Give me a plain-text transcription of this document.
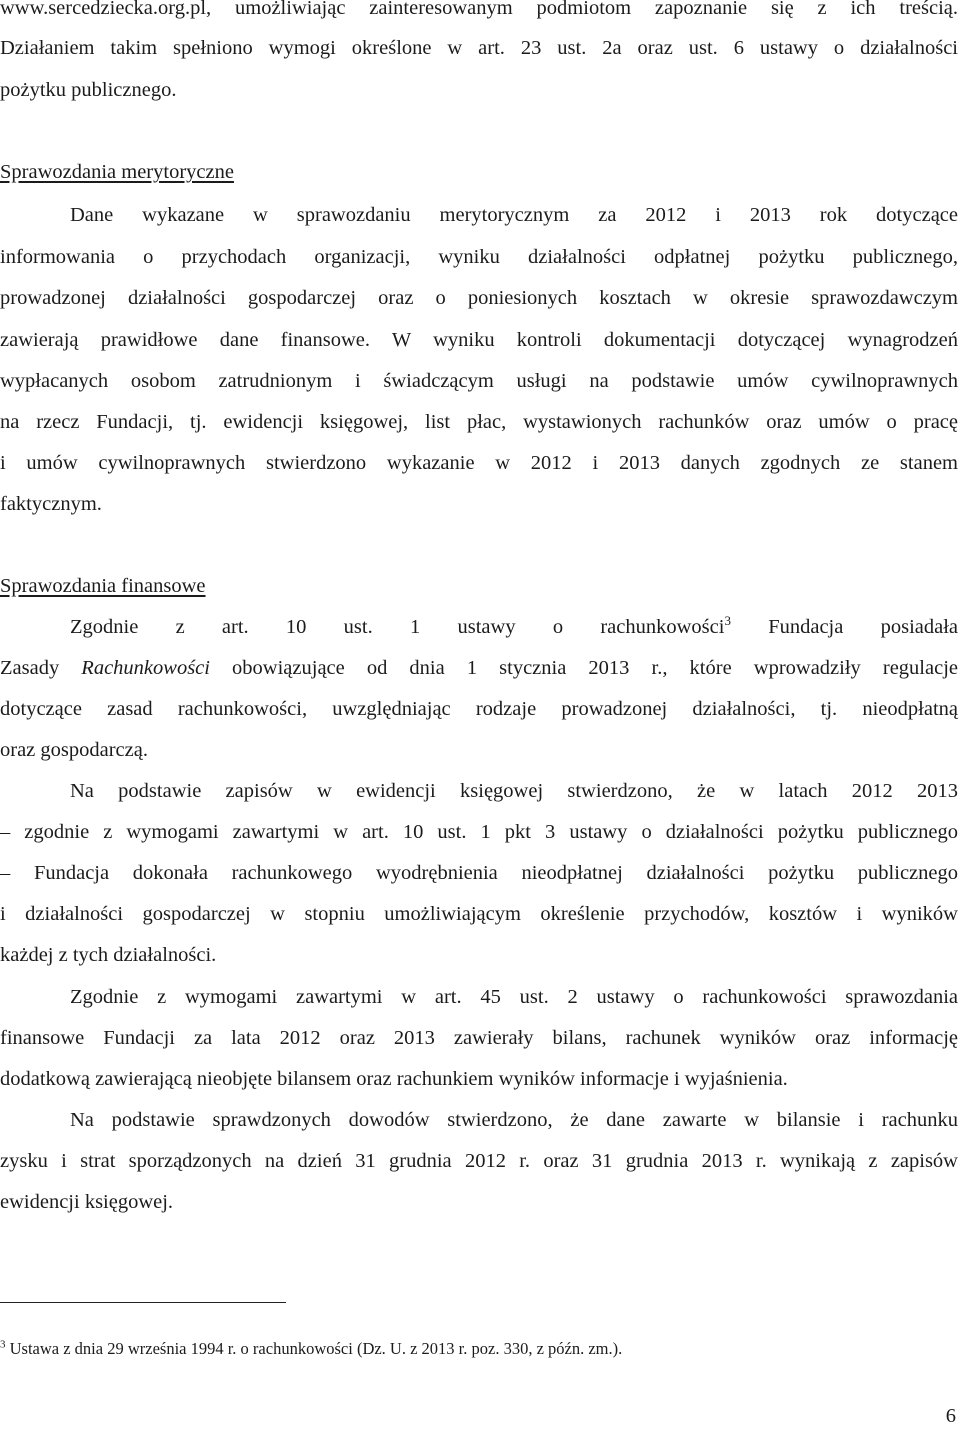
www.sercedziecka.org.pl, umożliwiając zainteresowanym podmiotom zapoznanie się z ich treścią.
Działaniem takim spełniono wymogi określone w art. 23 ust. 2a oraz ust. 6 ustawy o działalności
pożytku publicznego.
Sprawozdania merytoryczne
Dane wykazane w sprawozdaniu merytorycznym za 2012 i 2013 rok dotyczące
informowania o przychodach organizacji, wyniku działalności odpłatnej pożytku publicznego,
prowadzonej działalności gospodarczej oraz o poniesionych kosztach w okresie sprawozdawczym
zawierają prawidłowe dane finansowe. W wyniku kontroli dokumentacji dotyczącej wynagrodzeń
wypłacanych osobom zatrudnionym i świadczącym usługi na podstawie umów cywilnoprawnych
na rzecz Fundacji, tj. ewidencji księgowej, list płac, wystawionych rachunków oraz umów o pracę
i umów cywilnoprawnych stwierdzono wykazanie w 2012 i 2013 danych zgodnych ze stanem
faktycznym.
Sprawozdania finansowe
Zgodnie z art. 10 ust. 1 ustawy o rachunkowości$^3$ Fundacja posiadała
Zasady Rachunkowości obowiązujące od dnia 1 stycznia 2013 r., które wprowadziły regulacje
dotyczące zasad rachunkowości, uwzględniając rodzaje prowadzonej działalności, tj. nieodpłatną
oraz gospodarczą.
Na podstawie zapisów w ewidencji księgowej stwierdzono, że w latach 2012 2013
– zgodnie z wymogami zawartymi w art. 10 ust. 1 pkt 3 ustawy o działalności pożytku publicznego
– Fundacja dokonała rachunkowego wyodrębnienia nieodpłatnej działalności pożytku publicznego
i działalności gospodarczej w stopniu umożliwiającym określenie przychodów, kosztów i wyników
każdej z tych działalności.
Zgodnie z wymogami zawartymi w art. 45 ust. 2 ustawy o rachunkowości sprawozdania
finansowe Fundacji za lata 2012 oraz 2013 zawierały bilans, rachunek wyników oraz informację
dodatkową zawierającą nieobjęte bilansem oraz rachunkiem wyników informacje i wyjaśnienia.
Na podstawie sprawdzonych dowodów stwierdzono, że dane zawarte w bilansie i rachunku
zysku i strat sporządzonych na dzień 31 grudnia 2012 r. oraz 31 grudnia 2013 r. wynikają z zapisów
ewidencji księgowej.
$^3$ Ustawa z dnia 29 września 1994 r. o rachunkowości (Dz. U. z 2013 r. poz. 330, z późn. zm.).
6
